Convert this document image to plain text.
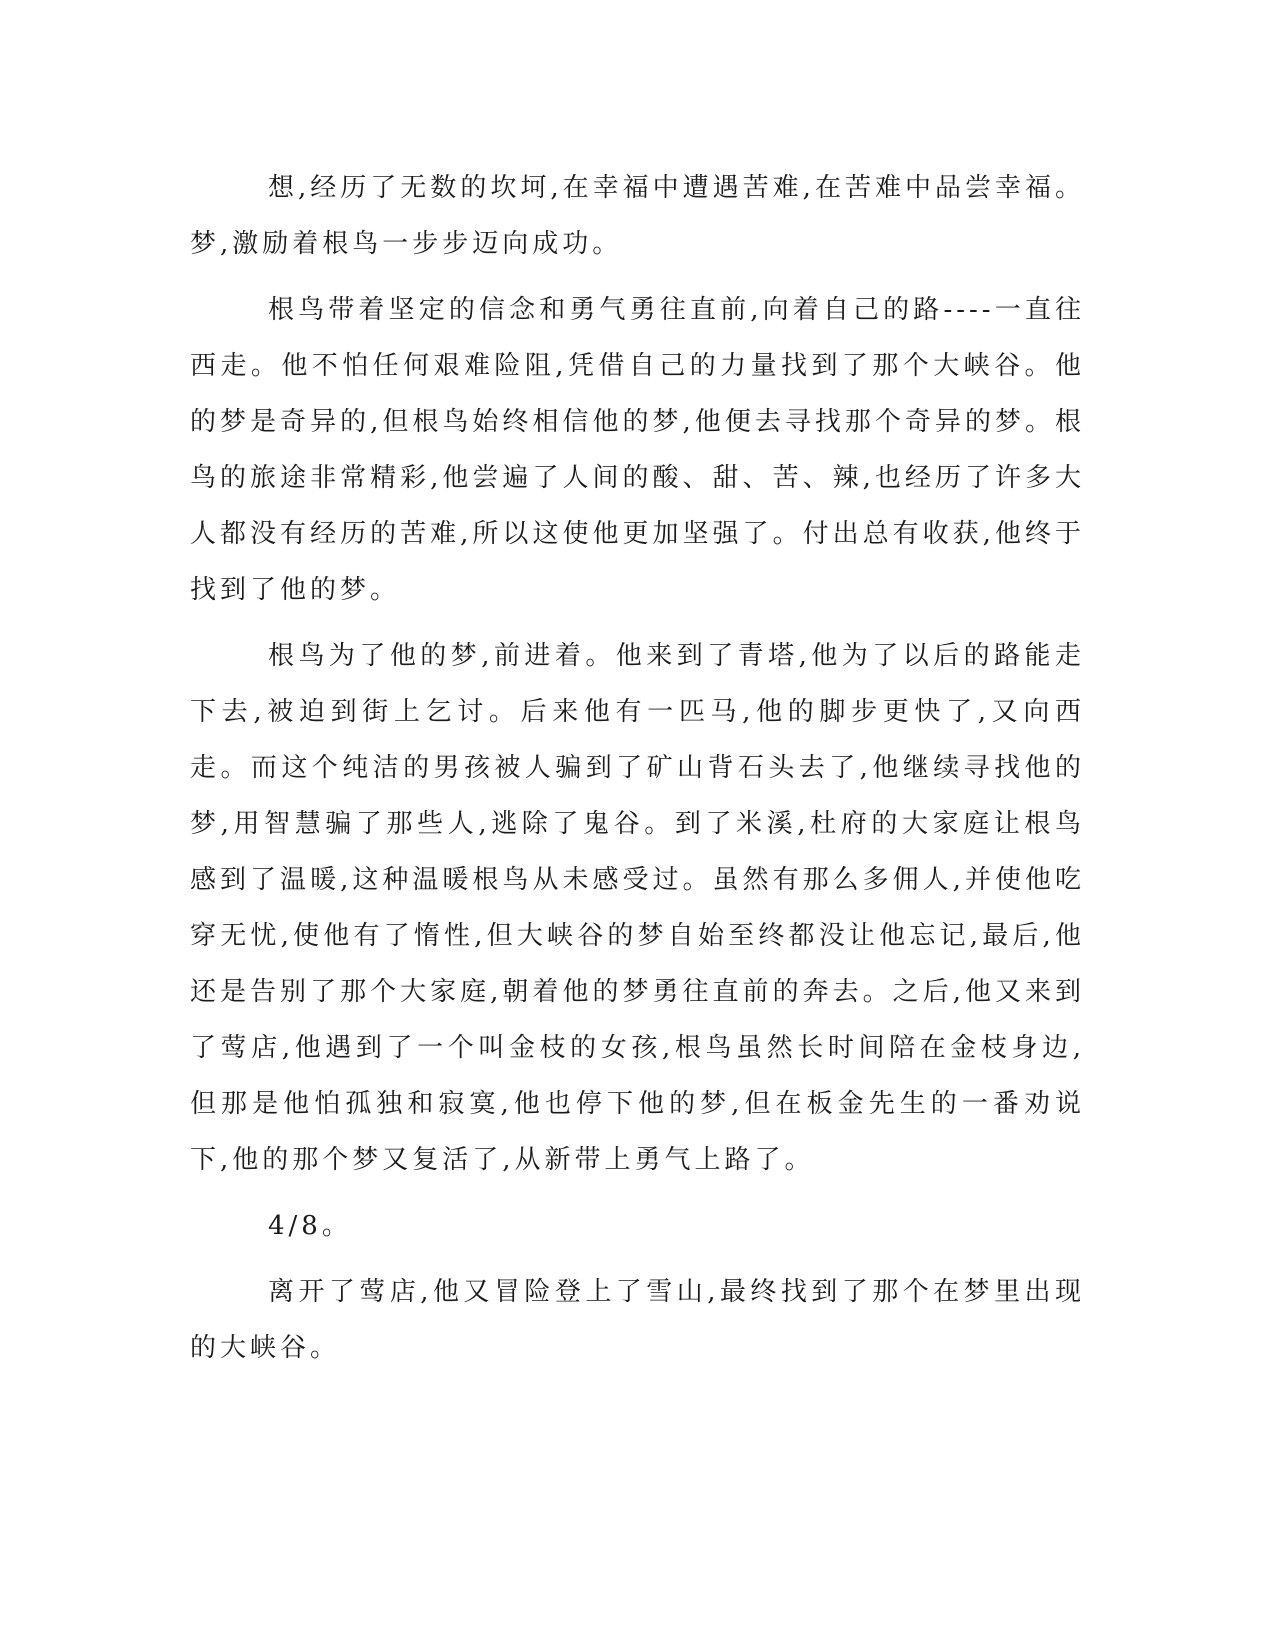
想,经历了无数的坎坷,在幸福中遭遇苦难,在苦难中品尝幸福。梦,激励着根鸟一步步迈向成功。

根鸟带着坚定的信念和勇气勇往直前,向着自己的路----一直往西走。他不怕任何艰难险阻,凭借自己的力量找到了那个大峡谷。他的梦是奇异的,但根鸟始终相信他的梦,他便去寻找那个奇异的梦。根鸟的旅途非常精彩,他尝遍了人间的酸、甜、苦、辣,也经历了许多大人都没有经历的苦难,所以这使他更加坚强了。付出总有收获,他终于找到了他的梦。

根鸟为了他的梦,前进着。他来到了青塔,他为了以后的路能走下去,被迫到街上乞讨。后来他有一匹马,他的脚步更快了,又向西走。而这个纯洁的男孩被人骗到了矿山背石头去了,他继续寻找他的梦,用智慧骗了那些人,逃除了鬼谷。到了米溪,杜府的大家庭让根鸟感到了温暖,这种温暖根鸟从未感受过。虽然有那么多佣人,并使他吃穿无忧,使他有了惰性,但大峡谷的梦自始至终都没让他忘记,最后,他还是告别了那个大家庭,朝着他的梦勇往直前的奔去。之后,他又来到了莺店,他遇到了一个叫金枝的女孩,根鸟虽然长时间陪在金枝身边,但那是他怕孤独和寂寞,他也停下他的梦,但在板金先生的一番劝说下,他的那个梦又复活了,从新带上勇气上路了。

4/8。

离开了莺店,他又冒险登上了雪山,最终找到了那个在梦里出现的大峡谷。
